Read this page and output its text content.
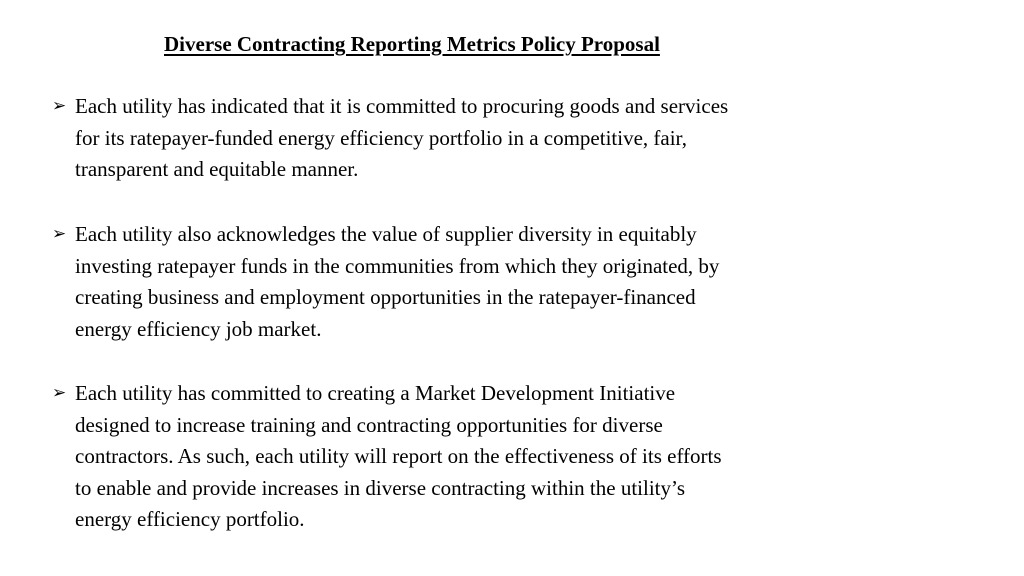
Diverse Contracting Reporting Metrics Policy Proposal
➢ Each utility has indicated that it is committed to procuring goods and services
for its ratepayer-funded energy efficiency portfolio in a competitive, fair,
transparent and equitable manner.
➢ Each utility also acknowledges the value of supplier diversity in equitably
investing ratepayer funds in the communities from which they originated, by
creating business and employment opportunities in the ratepayer-financed
energy efficiency job market.
➢ Each utility has committed to creating a Market Development Initiative
designed to increase training and contracting opportunities for diverse
contractors. As such, each utility will report on the effectiveness of its efforts
to enable and provide increases in diverse contracting within the utility’s
energy efficiency portfolio.
